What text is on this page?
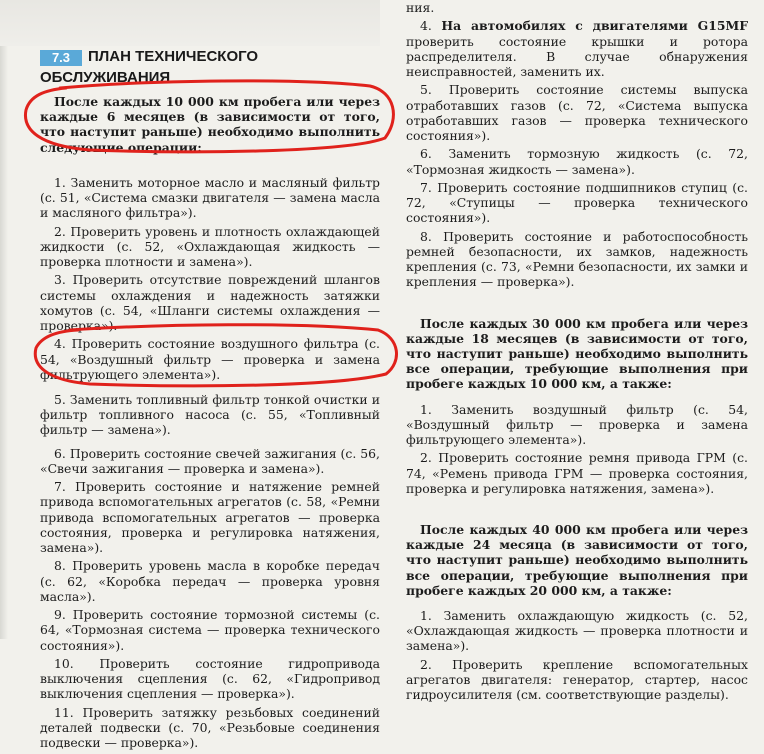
7.3	ПЛАН ТЕХНИЧЕСКОГО ОБСЛУЖИВАНИЯ

После каждых 10 000 км пробега или через каждые 6 месяцев (в зависимости от того, что наступит раньше) необходимо выполнить следующие операции:

1. Заменить моторное масло и масляный фильтр (с. 51, «Система смазки двигателя — замена масла и масляного фильтра»).

2. Проверить уровень и плотность охлаждающей жидкости (с. 52, «Охлаждающая жидкость — проверка плотности и замена»).

3. Проверить отсутствие повреждений шлангов системы охлаждения и надежность затяжки хомутов (с. 54, «Шланги системы охлаждения — проверка»).

4. Проверить состояние воздушного фильтра (с. 54, «Воздушный фильтр — проверка и замена фильтрующего элемента»).

5. Заменить топливный фильтр тонкой очистки и фильтр топливного насоса (с. 55, «Топливный фильтр — замена»).

6. Проверить состояние свечей зажигания (с. 56, «Свечи зажигания — проверка и замена»).

7. Проверить состояние и натяжение ремней привода вспомогательных агрегатов (с. 58, «Ремни привода вспомогательных агрегатов — проверка состояния, проверка и регулировка натяжения, замена»).

8. Проверить уровень масла в коробке передач (с. 62, «Коробка передач — проверка уровня масла»).

9. Проверить состояние тормозной системы (с. 64, «Тормозная система — проверка технического состояния»).

10. Проверить состояние гидропривода выключения сцепления (с. 62, «Гидропривод выключения сцепления — проверка»).

11. Проверить затяжку резьбовых соединений деталей подвески (с. 70, «Резьбовые соединения подвески — проверка»).

ния.

4. На автомобилях с двигателями G15MF проверить состояние крышки и ротора распределителя. В случае обнаружения неисправностей, заменить их.

5. Проверить состояние системы выпуска отработавших газов (с. 72, «Система выпуска отработавших газов — проверка технического состояния»).

6. Заменить тормозную жидкость (с. 72, «Тормозная жидкость — замена»).

7. Проверить состояние подшипников ступиц (с. 72, «Ступицы — проверка технического состояния»).

8. Проверить состояние и работоспособность ремней безопасности, их замков, надежность крепления (с. 73, «Ремни безопасности, их замки и крепления — проверка»).

После каждых 30 000 км пробега или через каждые 18 месяцев (в зависимости от того, что наступит раньше) необходимо выполнить все операции, требующие выполнения при пробеге каждых 10 000 км, а также:

1. Заменить воздушный фильтр (с. 54, «Воздушный фильтр — проверка и замена фильтрующего элемента»).

2. Проверить состояние ремня привода ГРМ (с. 74, «Ремень привода ГРМ — проверка состояния, проверка и регулировка натяжения, замена»).

После каждых 40 000 км пробега или через каждые 24 месяца (в зависимости от того, что наступит раньше) необходимо выполнить все операции, требующие выполнения при пробеге каждых 20 000 км, а также:

1. Заменить охлаждающую жидкость (с. 52, «Охлаждающая жидкость — проверка плотности и замена»).

2. Проверить крепление вспомогательных агрегатов двигателя: генератор, стартер, насос гидроусилителя (см. соответствующие разделы).
